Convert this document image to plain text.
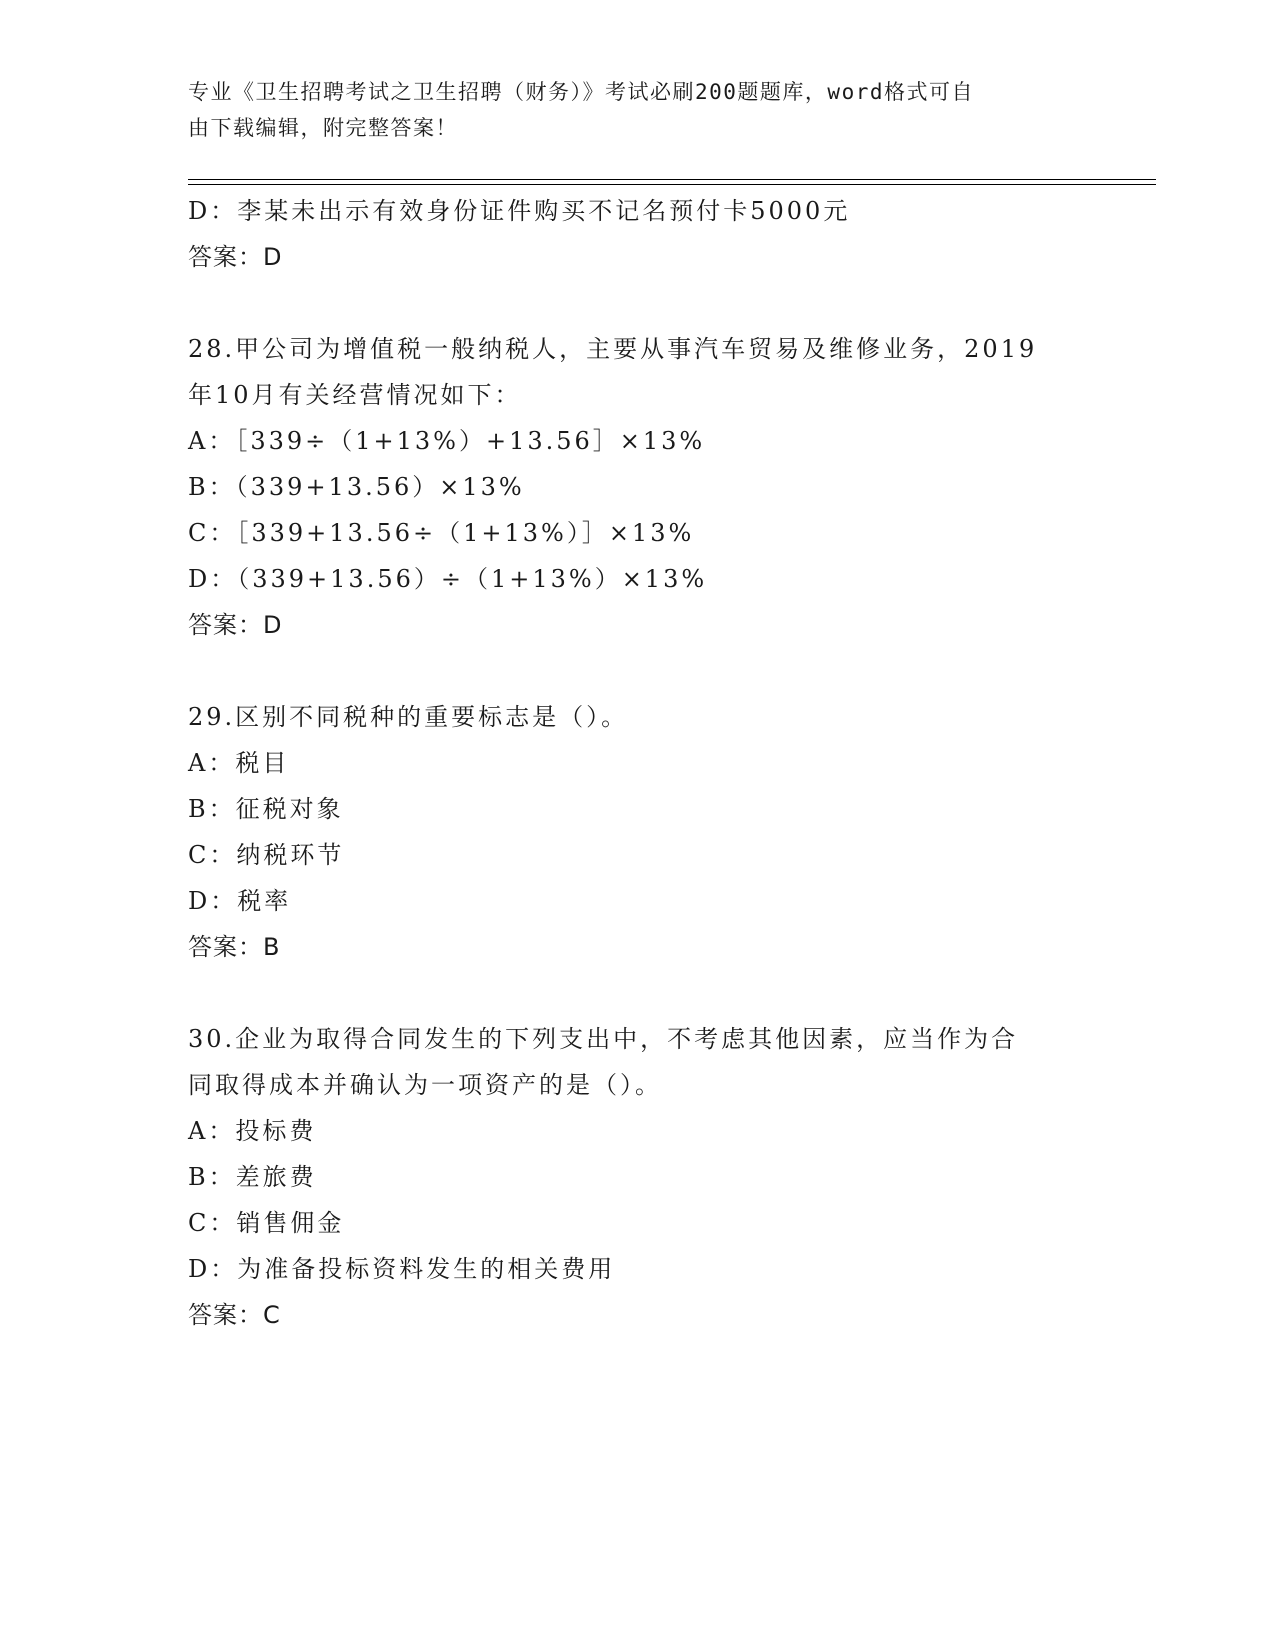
专业《卫生招聘考试之卫生招聘（财务）》考试必刷200题题库，word格式可自
由下载编辑，附完整答案！
D：李某未出示有效身份证件购买不记名预付卡5000元
答案：D
28.甲公司为增值税一般纳税人，主要从事汽车贸易及维修业务，2019
年10月有关经营情况如下：
A：［339÷（1+13%）+13.56］×13%
B：（339+13.56）×13%
C：［339+13.56÷（1+13%）］×13%
D：（339+13.56）÷（1+13%）×13%
答案：D
29.区别不同税种的重要标志是（）。
A：税目
B：征税对象
C：纳税环节
D：税率
答案：B
30.企业为取得合同发生的下列支出中，不考虑其他因素，应当作为合
同取得成本并确认为一项资产的是（）。
A：投标费
B：差旅费
C：销售佣金
D：为准备投标资料发生的相关费用
答案：C
